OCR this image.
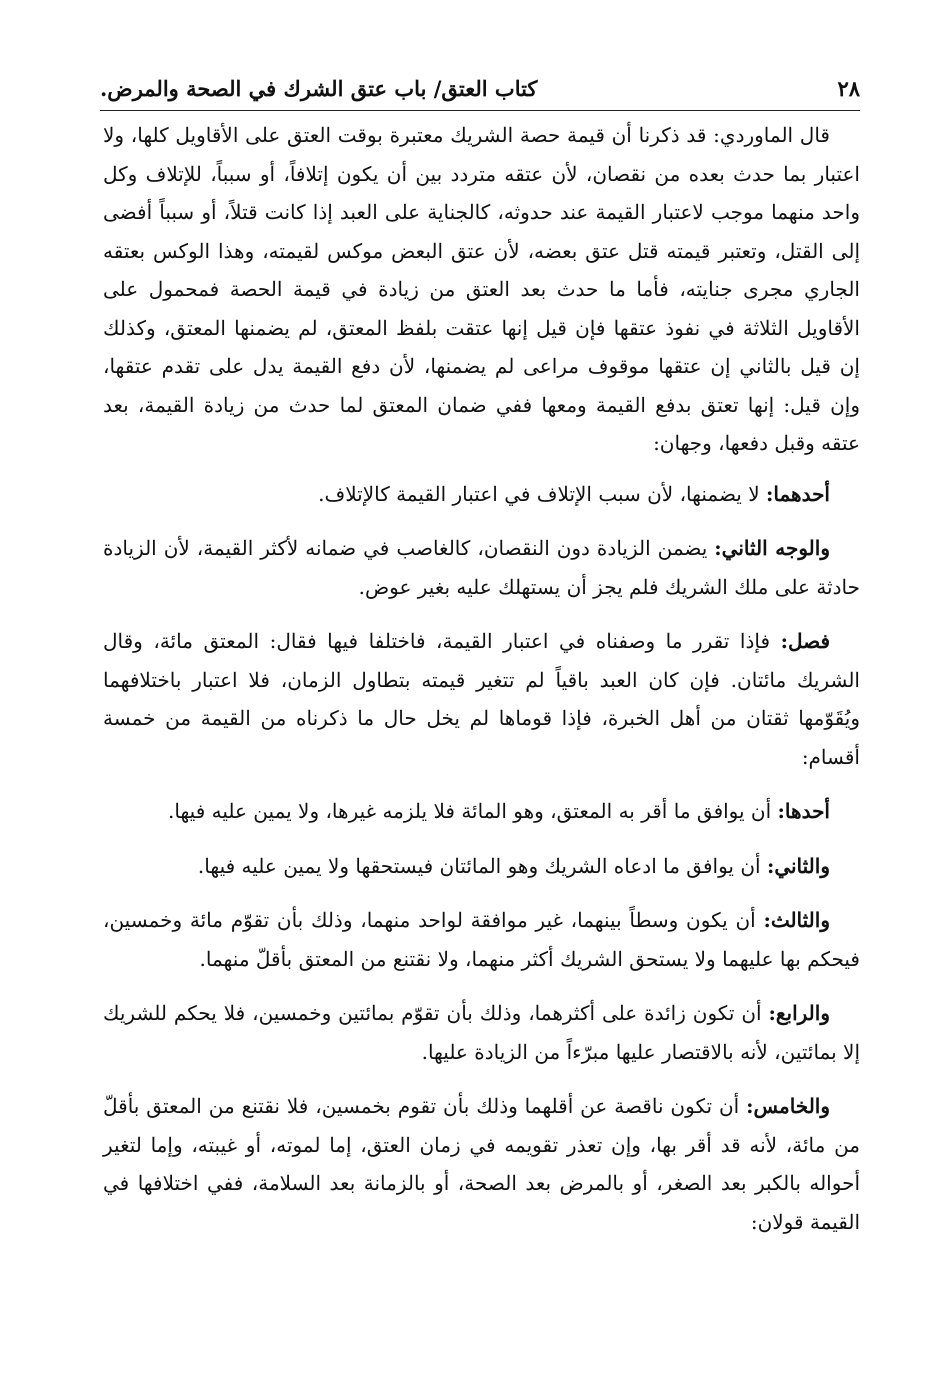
٢٨
كتاب العتق/ باب عتق الشرك في الصحة والمرض.

قال الماوردي: قد ذكرنا أن قيمة حصة الشريك معتبرة بوقت العتق على الأقاويل كلها، ولا اعتبار بما حدث بعده من نقصان، لأن عتقه متردد بين أن يكون إتلافاً، أو سبباً، للإتلاف وكل واحد منهما موجب لاعتبار القيمة عند حدوثه، كالجناية على العبد إذا كانت قتلاً، أو سبباً أفضى إلى القتل، وتعتبر قيمته قتل عتق بعضه، لأن عتق البعض موكس لقيمته، وهذا الوكس بعتقه الجاري مجرى جنايته، فأما ما حدث بعد العتق من زيادة في قيمة الحصة فمحمول على الأقاويل الثلاثة في نفوذ عتقها فإن قيل إنها عتقت بلفظ المعتق، لم يضمنها المعتق، وكذلك إن قيل بالثاني إن عتقها موقوف مراعى لم يضمنها، لأن دفع القيمة يدل على تقدم عتقها، وإن قيل: إنها تعتق بدفع القيمة ومعها ففي ضمان المعتق لما حدث من زيادة القيمة، بعد عتقه وقبل دفعها، وجهان:

أحدهما: لا يضمنها، لأن سبب الإتلاف في اعتبار القيمة كالإتلاف.

والوجه الثاني: يضمن الزيادة دون النقصان، كالغاصب في ضمانه لأكثر القيمة، لأن الزيادة حادثة على ملك الشريك فلم يجز أن يستهلك عليه بغير عوض.

فصل: فإذا تقرر ما وصفناه في اعتبار القيمة، فاختلفا فيها فقال: المعتق مائة، وقال الشريك مائتان. فإن كان العبد باقياً لم تتغير قيمته بتطاول الزمان، فلا اعتبار باختلافهما ويُقَوّمها ثقتان من أهل الخبرة، فإذا قوماها لم يخل حال ما ذكرناه من القيمة من خمسة أقسام:

أحدها: أن يوافق ما أقر به المعتق، وهو المائة فلا يلزمه غيرها، ولا يمين عليه فيها.

والثاني: أن يوافق ما ادعاه الشريك وهو المائتان فيستحقها ولا يمين عليه فيها.

والثالث: أن يكون وسطاً بينهما، غير موافقة لواحد منهما، وذلك بأن تقوّم مائة وخمسين، فيحكم بها عليهما ولا يستحق الشريك أكثر منهما، ولا نقتنع من المعتق بأقلّ منهما.

والرابع: أن تكون زائدة على أكثرهما، وذلك بأن تقوّم بمائتين وخمسين، فلا يحكم للشريك إلا بمائتين، لأنه بالاقتصار عليها مبرّءاً من الزيادة عليها.

والخامس: أن تكون ناقصة عن أقلهما وذلك بأن تقوم بخمسين، فلا نقتنع من المعتق بأقلّ من مائة، لأنه قد أقر بها، وإن تعذر تقويمه في زمان العتق، إما لموته، أو غيبته، وإما لتغير أحواله بالكبر بعد الصغر، أو بالمرض بعد الصحة، أو بالزمانة بعد السلامة، ففي اختلافها في القيمة قولان:
